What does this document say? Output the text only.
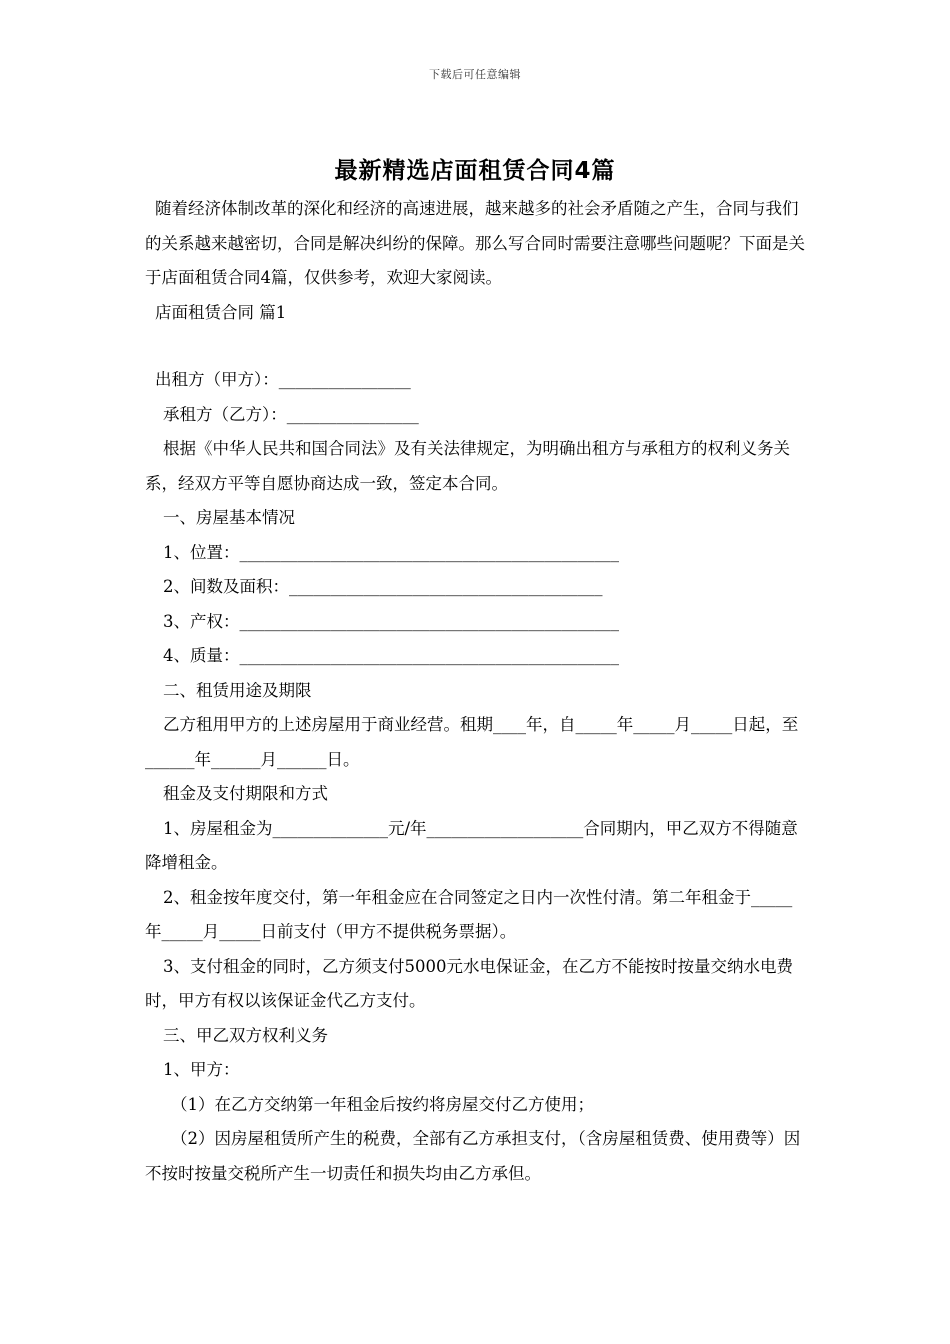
下载后可任意编辑
最新精选店面租赁合同4篇

随着经济体制改革的深化和经济的高速进展，越来越多的社会矛盾随之产生，合同与我们的关系越来越密切，合同是解决纠纷的保障。那么写合同时需要注意哪些问题呢？下面是关于店面租赁合同4篇，仅供参考，欢迎大家阅读。

店面租赁合同 篇1

出租方（甲方）：________________

承租方（乙方）：________________

根据《中华人民共和国合同法》及有关法律规定，为明确出租方与承租方的权利义务关系，经双方平等自愿协商达成一致，签定本合同。

一、房屋基本情况

1、位置：______________________________________________

2、间数及面积：______________________________________

3、产权：______________________________________________

4、质量：______________________________________________

二、租赁用途及期限

乙方租用甲方的上述房屋用于商业经营。租期____年，自_____年_____月_____日起，至______年______月______日。

租金及支付期限和方式

1、房屋租金为______________元/年___________________合同期内，甲乙双方不得随意降增租金。

2、租金按年度交付，第一年租金应在合同签定之日内一次性付清。第二年租金于_____年_____月_____日前支付（甲方不提供税务票据）。

3、支付租金的同时，乙方须支付5000元水电保证金，在乙方不能按时按量交纳水电费时，甲方有权以该保证金代乙方支付。

三、甲乙双方权利义务

1、甲方：

（1）在乙方交纳第一年租金后按约将房屋交付乙方使用；

（2）因房屋租赁所产生的税费，全部有乙方承担支付，（含房屋租赁费、使用费等）因不按时按量交税所产生一切责任和损失均由乙方承但。
